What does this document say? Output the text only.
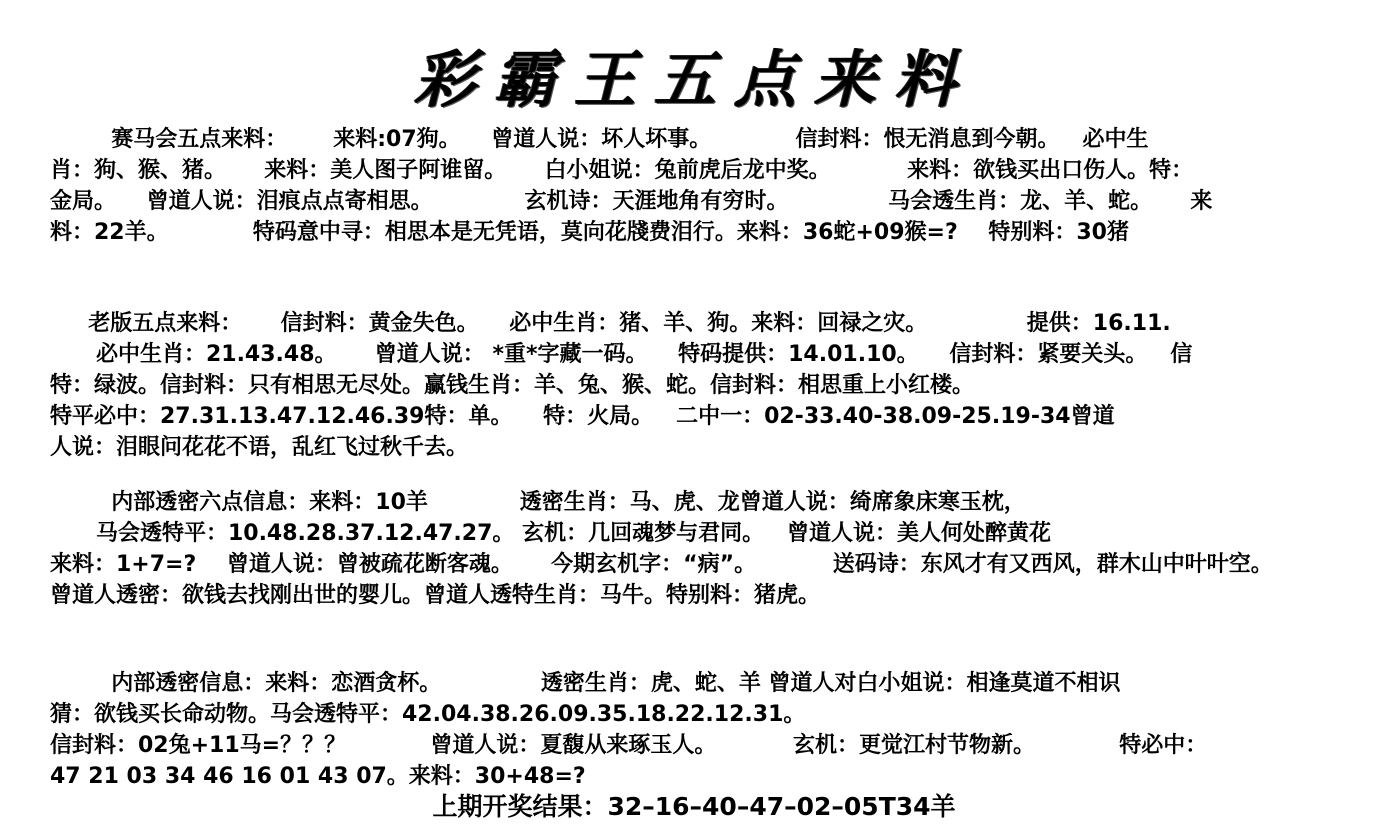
彩霸王五点来料
赛马会五点来料：      来料:07狗。    曾道人说：坏人坏事。           信封料：恨无消息到今朝。   必中生
肖：狗、猴、猪。     来料：美人图子阿谁留。     白小姐说：兔前虎后龙中奖。          来料：欲钱买出口伤人。特：
金局。    曾道人说：泪痕点点寄相思。            玄机诗：天涯地角有穷时。             马会透生肖：龙、羊、蛇。     来
料：22羊。           特码意中寻：相思本是无凭语，莫向花牋费泪行。来料：36蛇+09猴=?    特别料：30猪
老版五点来料：     信封料：黄金失色。    必中生肖：猪、羊、狗。来料：回禄之灾。             提供：16.11.
必中生肖：21.43.48。     曾道人说： *重*字藏一码。    特码提供：14.01.10。    信封料：紧要关头。   信
特：绿波。信封料：只有相思无尽处。赢钱生肖：羊、兔、猴、蛇。信封料：相思重上小红楼。
特平必中：27.31.13.47.12.46.39特：单。    特：火局。   二中一：02-33.40-38.09-25.19-34曾道
人说：泪眼问花花不语，乱红飞过秋千去。
内部透密六点信息：来料：10羊            透密生肖：马、虎、龙曾道人说：绮席象床寒玉枕，
马会透特平：10.48.28.37.12.47.27。 玄机：几回魂梦与君同。   曾道人说：美人何处醉黄花
来料：1+7=?    曾道人说：曾被疏花断客魂。     今期玄机字：“病”。          送码诗：东风才有又西风，群木山中叶叶空。
曾道人透密：欲钱去找刚出世的婴儿。曾道人透特生肖：马牛。特别料：猪虎。
内部透密信息：来料：恋酒贪杯。             透密生肖：虎、蛇、羊 曾道人对白小姐说：相逢莫道不相识
猜：欲钱买长命动物。马会透特平：42.04.38.26.09.35.18.22.12.31。
信封料：02兔+11马=？？？           曾道人说：夏馥从来琢玉人。          玄机：更觉江村节物新。           特必中：
47 21 03 34 46 16 01 43 07。来料：30+48=?
上期开奖结果：32–16–40–47–02–05T34羊
